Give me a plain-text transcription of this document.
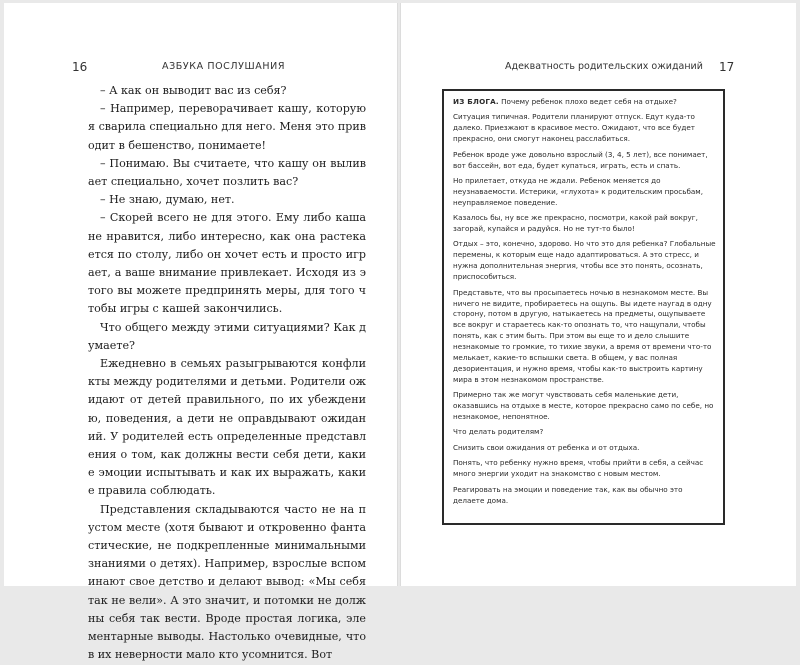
16	АЗБУКА ПОСЛУШАНИЯ

– А как он выводит вас из себя?

– Например, переворачивает кашу, которую я сварила специально для него. Меня это приводит в бешенство, понимаете!

– Понимаю. Вы считаете, что кашу он выливает специально, хочет позлить вас?

– Не знаю, думаю, нет.

– Скорей всего не для этого. Ему либо каша не нравится, либо интересно, как она растекается по столу, либо он хочет есть и просто играет, а ваше внимание привлекает. Исходя из этого вы можете предпринять меры, для того чтобы игры с кашей закончились.

Что общего между этими ситуациями? Как думаете?

Ежедневно в семьях разыгрываются конфликты между родителями и детьми. Родители ожидают от детей правильного, по их убеждению, поведения, а дети не оправдывают ожиданий. У родителей есть определенные представления о том, как должны вести себя дети, какие эмоции испытывать и как их выражать, какие правила соблюдать.

Представления складываются часто не на пустом месте (хотя бывают и откровенно фантастические, не подкрепленные минимальными знаниями о детях). Например, взрослые вспоминают свое детство и делают вывод: «Мы себя так не вели». А это значит, и потомки не должны себя так вести. Вроде простая логика, элементарные выводы. Настолько очевидные, что в их неверности мало кто усомнится. Вот

Адекватность родительских ожиданий 17

ИЗ БЛОГА. Почему ребенок плохо ведет себя на отдыхе?

Ситуация типичная. Родители планируют отпуск. Едут куда-то далеко. Приезжают в красивое место. Ожидают, что все будет прекрасно, они смогут наконец расслабиться.

Ребенок вроде уже довольно взрослый (3, 4, 5 лет), все понимает, вот бассейн, вот еда, будет купаться, играть, есть и спать.

Но прилетает, откуда не ждали. Ребенок меняется до неузнаваемости. Истерики, «глухота» к родительским просьбам, неуправляемое поведение.

Казалось бы, ну все же прекрасно, посмотри, какой рай вокруг, загорай, купайся и радуйся. Но не тут-то было!

Отдых – это, конечно, здорово. Но что это для ребенка? Глобальные перемены, к которым еще надо адаптироваться. А это стресс, и нужна дополнительная энергия, чтобы все это понять, осознать, приспособиться.

Представьте, что вы просыпаетесь ночью в незнакомом месте. Вы ничего не видите, пробираетесь на ощупь. Вы идете наугад в одну сторону, потом в другую, натыкаетесь на предметы, ощупываете все вокруг и стараетесь как-то опознать то, что нащупали, чтобы понять, как с этим быть. При этом вы еще то и дело слышите незнакомые то громкие, то тихие звуки, а время от времени что-то мелькает, какие-то вспышки света. В общем, у вас полная дезориентация, и нужно время, чтобы как-то выстроить картину мира в этом незнакомом пространстве.

Примерно так же могут чувствовать себя маленькие дети, оказавшись на отдыхе в месте, которое прекрасно само по себе, но незнакомое, непонятное.

Что делать родителям?

Снизить свои ожидания от ребенка и от отдыха.

Понять, что ребенку нужно время, чтобы прийти в себя, а сейчас много энергии уходит на знакомство с новым местом.

Реагировать на эмоции и поведение так, как вы обычно это делаете дома.
